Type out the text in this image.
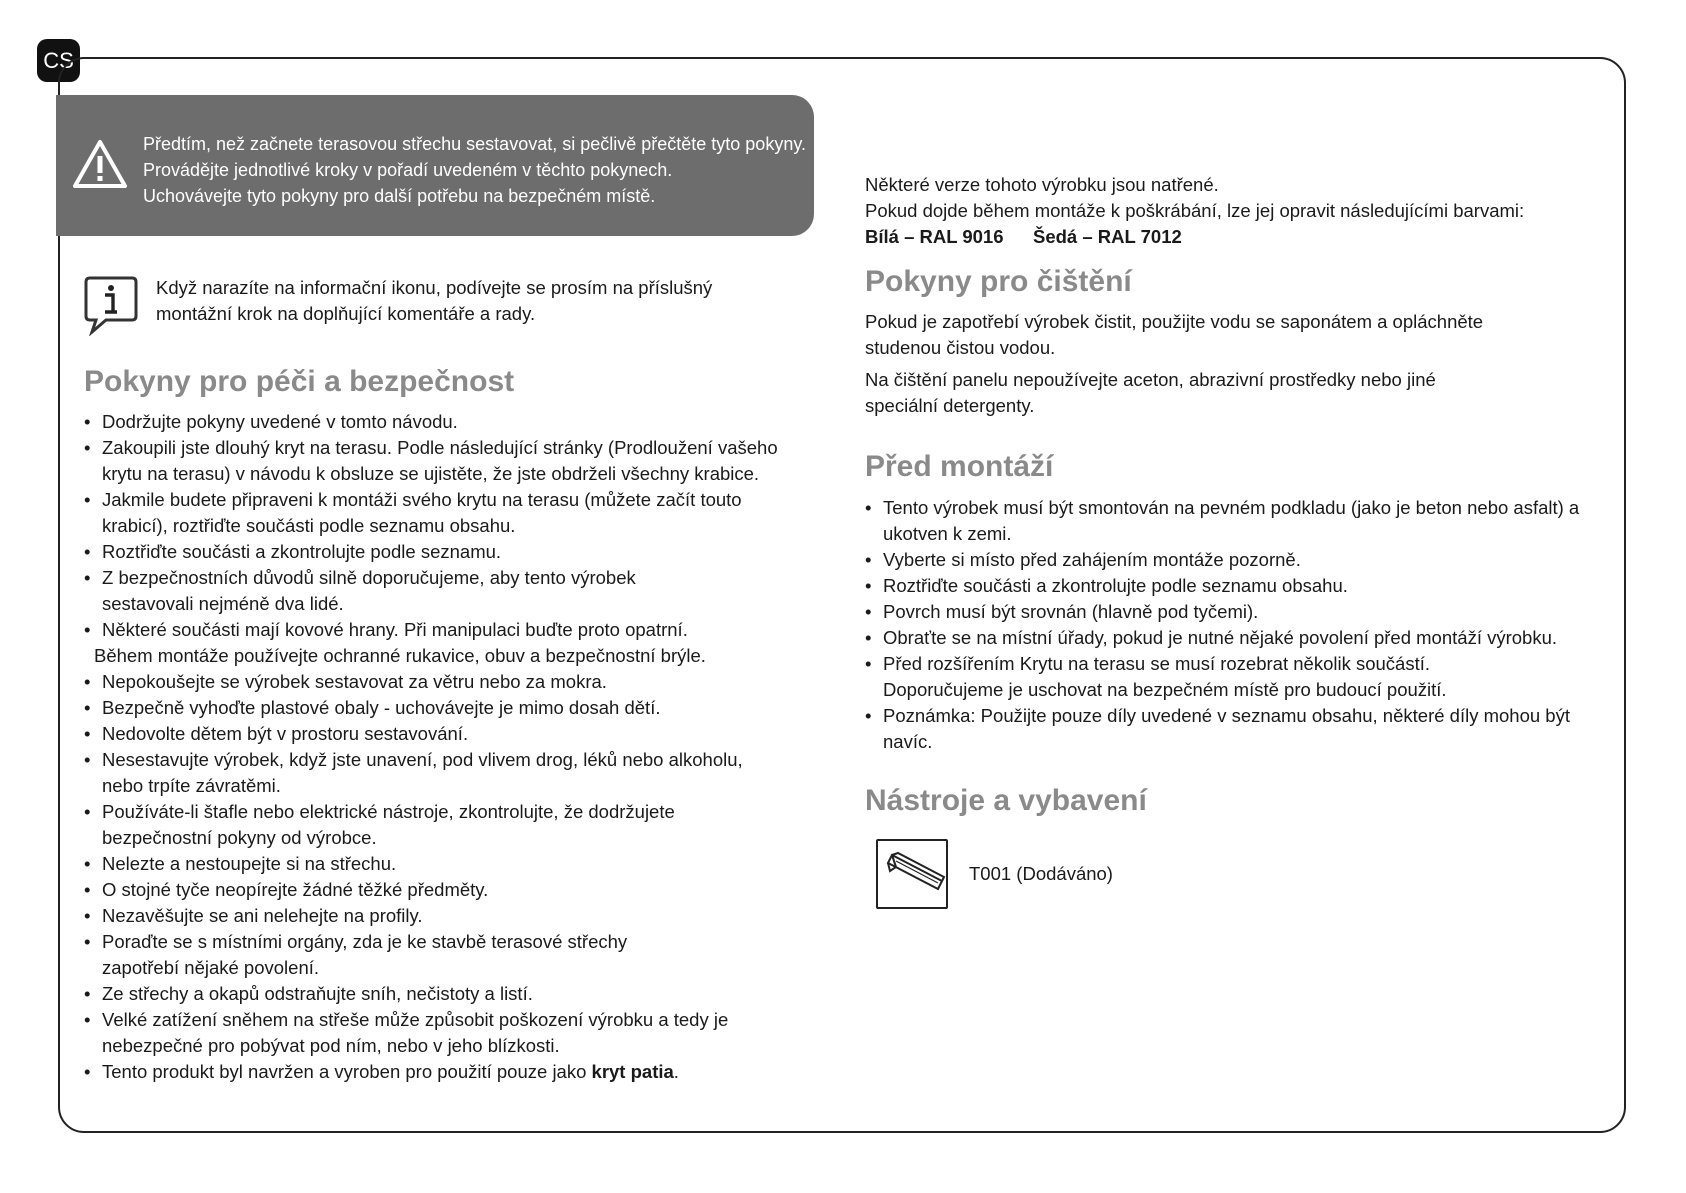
CS
Předtím, než začnete terasovou střechu sestavovat, si pečlivě přečtěte tyto pokyny.
Provádějte jednotlivé kroky v pořadí uvedeném v těchto pokynech.
Uchovávejte tyto pokyny pro další potřebu na bezpečném místě.
Když narazíte na informační ikonu, podívejte se prosím na příslušný montážní krok na doplňující komentáře a rady.
Pokyny pro péči a bezpečnost
• Dodržujte pokyny uvedené v tomto návodu.
• Zakoupili jste dlouhý kryt na terasu. Podle následující stránky (Prodloužení vašeho krytu na terasu) v návodu k obsluze se ujistěte, že jste obdrželi všechny krabice.
• Jakmile budete připraveni k montáži svého krytu na terasu (můžete začít touto krabicí), roztřiďte součásti podle seznamu obsahu.
• Roztřiďte součásti a zkontrolujte podle seznamu.
• Z bezpečnostních důvodů silně doporučujeme, aby tento výrobek sestavovali nejméně dva lidé.
• Některé součásti mají kovové hrany. Při manipulaci buďte proto opatrní.
Během montáže používejte ochranné rukavice, obuv a bezpečnostní brýle.
• Nepokoušejte se výrobek sestavovat za větru nebo za mokra.
• Bezpečně vyhoďte plastové obaly - uchovávejte je mimo dosah dětí.
• Nedovolte dětem být v prostoru sestavování.
• Nesestavujte výrobek, když jste unavení, pod vlivem drog, léků nebo alkoholu, nebo trpíte závratěmi.
• Používáte-li štafle nebo elektrické nástroje, zkontrolujte, že dodržujete bezpečnostní pokyny od výrobce.
• Nelezte a nestoupejte si na střechu.
• O stojné tyče neopírejte žádné těžké předměty.
• Nezavěšujte se ani nelehejte na profily.
• Poraďte se s místními orgány, zda je ke stavbě terasové střechy zapotřebí nějaké povolení.
• Ze střechy a okapů odstraňujte sníh, nečistoty a listí.
• Velké zatížení sněhem na střeše může způsobit poškození výrobku a tedy je nebezpečné pro pobývat pod ním, nebo v jeho blízkosti.
• Tento produkt byl navržen a vyroben pro použití pouze jako kryt patia.
Některé verze tohoto výrobku jsou natřené.
Pokud dojde během montáže k poškrábání, lze jej opravit následujícími barvami:
Bílá – RAL 9016 Šedá – RAL 7012
Pokyny pro čištění
Pokud je zapotřebí výrobek čistit, použijte vodu se saponátem a opláchněte studenou čistou vodou.
Na čištění panelu nepoužívejte aceton, abrazivní prostředky nebo jiné speciální detergenty.
Před montáží
• Tento výrobek musí být smontován na pevném podkladu (jako je beton nebo asfalt) a ukotven k zemi.
• Vyberte si místo před zahájením montáže pozorně.
• Roztřiďte součásti a zkontrolujte podle seznamu obsahu.
• Povrch musí být srovnán (hlavně pod tyčemi).
• Obraťte se na místní úřady, pokud je nutné nějaké povolení před montáží výrobku.
• Před rozšířením Krytu na terasu se musí rozebrat několik součástí. Doporučujeme je uschovat na bezpečném místě pro budoucí použití.
• Poznámka: Použijte pouze díly uvedené v seznamu obsahu, některé díly mohou být navíc.
Nástroje a vybavení
T001 (Dodáváno)
